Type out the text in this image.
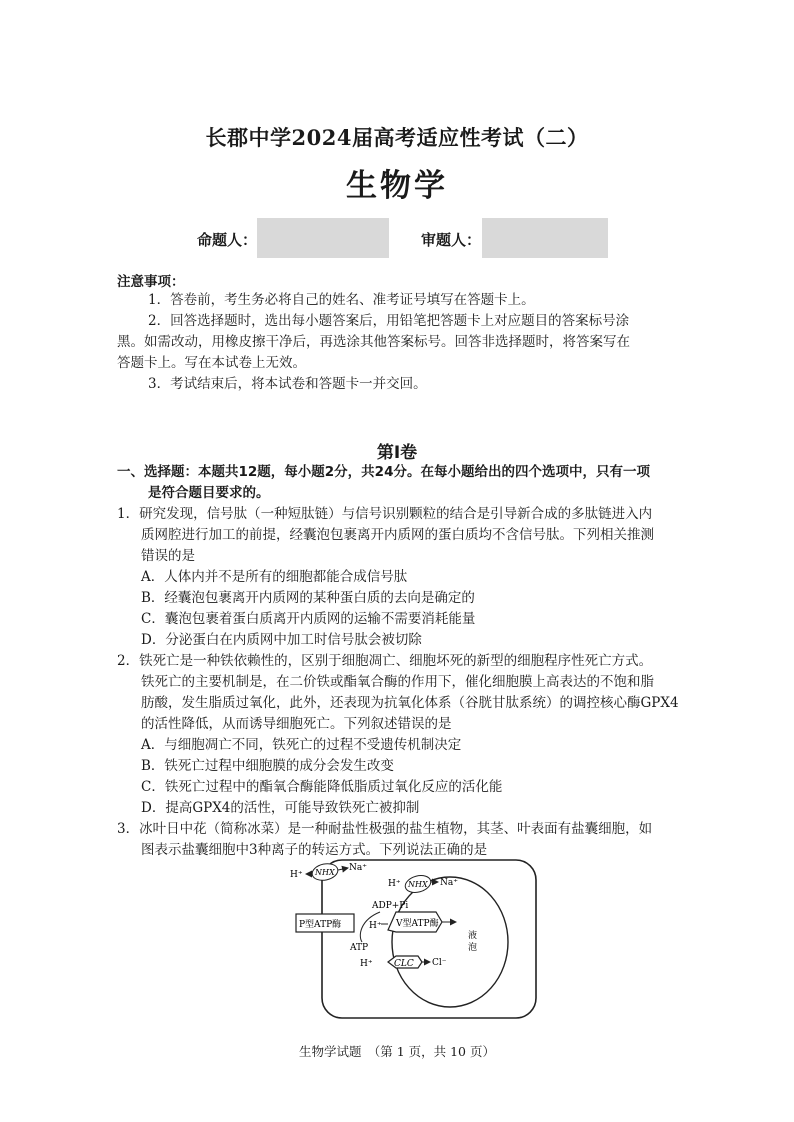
长郡中学2024届高考适应性考试（二）
生物学
命题人：	审题人：
注意事项：
1．答卷前，考生务必将自己的姓名、准考证号填写在答题卡上。
2．回答选择题时，选出每小题答案后，用铅笔把答题卡上对应题目的答案标号涂
黑。如需改动，用橡皮擦干净后，再选涂其他答案标号。回答非选择题时，将答案写在
答题卡上。写在本试卷上无效。
3．考试结束后，将本试卷和答题卡一并交回。
第Ⅰ卷
一、选择题：本题共12题，每小题2分，共24分。在每小题给出的四个选项中，只有一项
是符合题目要求的。
1．研究发现，信号肽（一种短肽链）与信号识别颗粒的结合是引导新合成的多肽链进入内
质网腔进行加工的前提，经囊泡包裹离开内质网的蛋白质均不含信号肽。下列相关推测
错误的是
A．人体内并不是所有的细胞都能合成信号肽
B．经囊泡包裹离开内质网的某种蛋白质的去向是确定的
C．囊泡包裹着蛋白质离开内质网的运输不需要消耗能量
D．分泌蛋白在内质网中加工时信号肽会被切除
2．铁死亡是一种铁依赖性的，区别于细胞凋亡、细胞坏死的新型的细胞程序性死亡方式。
铁死亡的主要机制是，在二价铁或酯氧合酶的作用下，催化细胞膜上高表达的不饱和脂
肪酸，发生脂质过氧化，此外，还表现为抗氧化体系（谷胱甘肽系统）的调控核心酶GPX4
的活性降低，从而诱导细胞死亡。下列叙述错误的是
A．与细胞凋亡不同，铁死亡的过程不受遗传机制决定
B．铁死亡过程中细胞膜的成分会发生改变
C．铁死亡过程中的酯氧合酶能降低脂质过氧化反应的活化能
D．提高GPX4的活性，可能导致铁死亡被抑制
3．冰叶日中花（简称冰菜）是一种耐盐性极强的盐生植物，其茎、叶表面有盐囊细胞，如
图表示盐囊细胞中3种离子的转运方式。下列说法正确的是
H⁺ NHX Na⁺
H⁺ NHX Na⁺
ADP+Pi
ATP
P型ATP酶	V型ATP酶
H⁺
H⁺ CLC Cl⁻
液
泡
生物学试题　（第 1 页，共 10 页）
